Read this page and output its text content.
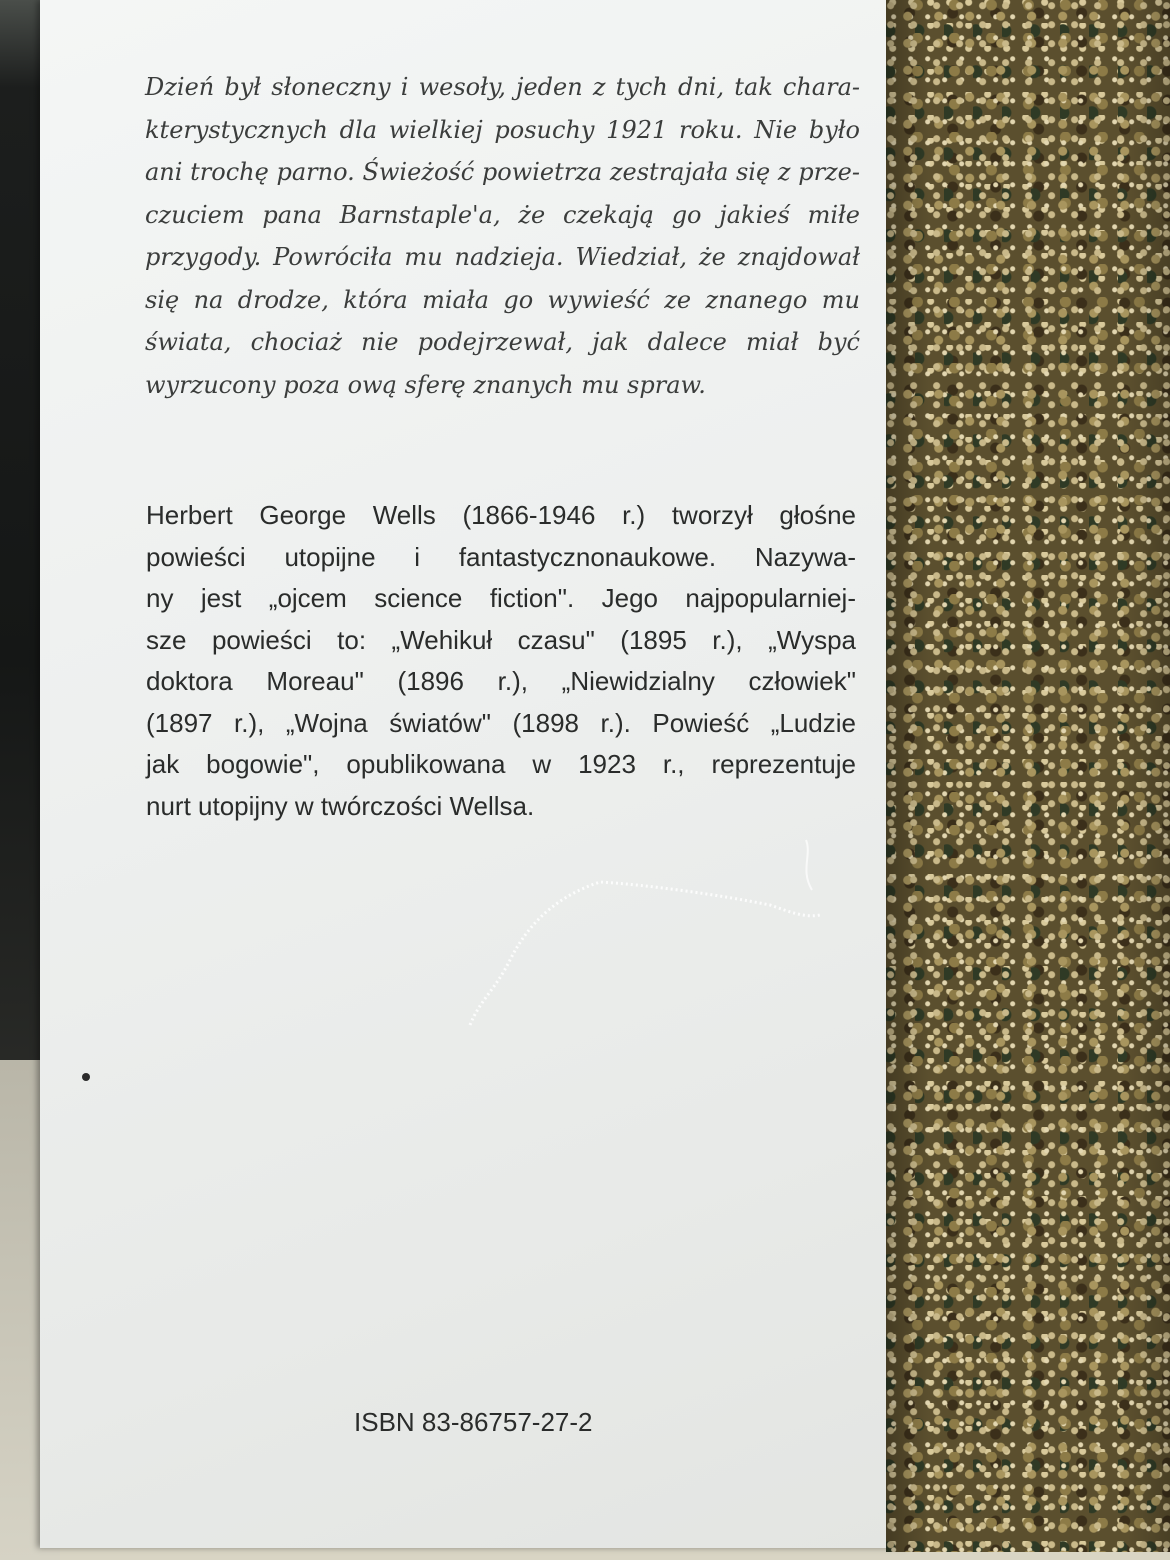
Dzień był słoneczny i wesoły, jeden z tych dni, tak chara-
kterystycznych dla wielkiej posuchy 1921 roku. Nie było
ani trochę parno. Świeżość powietrza zestrajała się z prze-
czuciem pana Barnstaple'a, że czekają go jakieś miłe
przygody. Powróciła mu nadzieja. Wiedział, że znajdował
się na drodze, która miała go wywieść ze znanego mu
świata, chociaż nie podejrzewał, jak dalece miał być
wyrzucony poza ową sferę znanych mu spraw.
Herbert George Wells (1866-1946 r.) tworzył głośne
powieści utopijne i fantastycznonaukowe. Nazywa-
ny jest „ojcem science fiction". Jego najpopularniej-
sze powieści to: „Wehikuł czasu" (1895 r.), „Wyspa
doktora Moreau" (1896 r.), „Niewidzialny człowiek"
(1897 r.), „Wojna światów" (1898 r.). Powieść „Ludzie
jak bogowie", opublikowana w 1923 r., reprezentuje
nurt utopijny w twórczości Wellsa.
ISBN 83-86757-27-2
